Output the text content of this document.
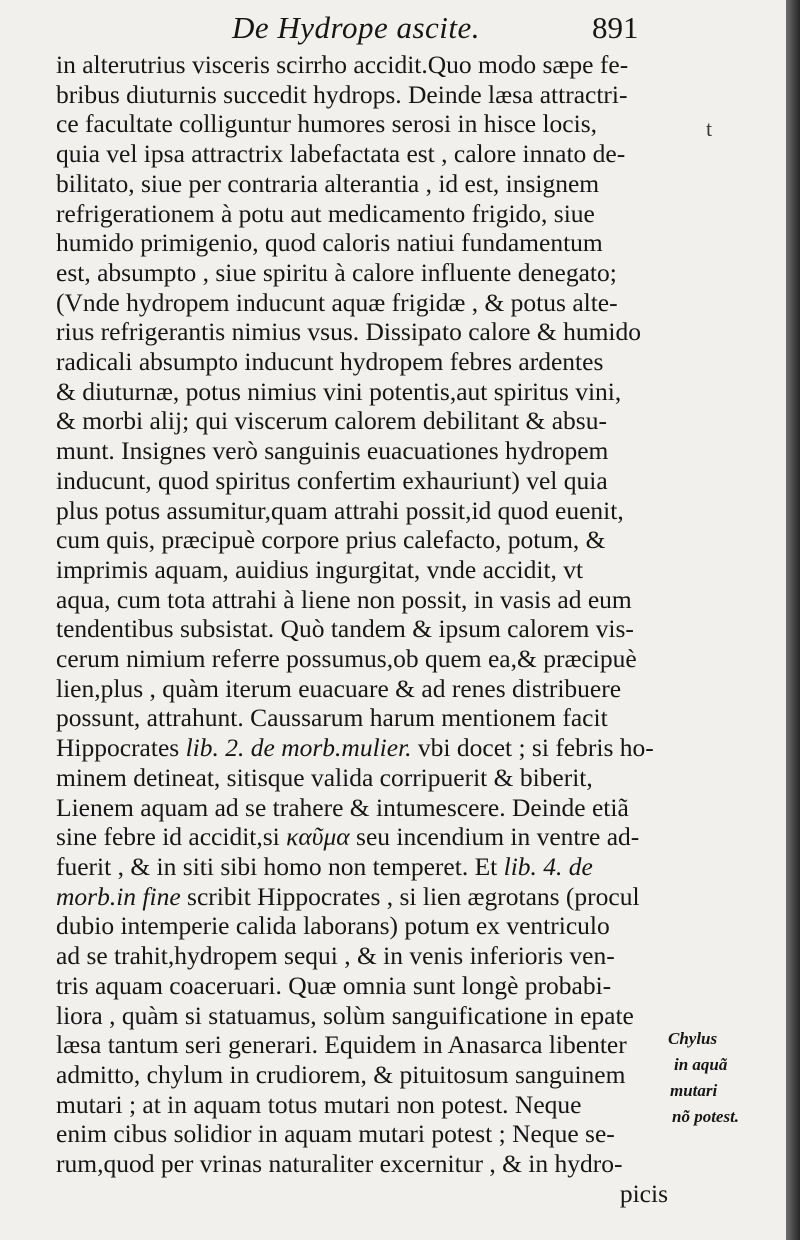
De Hydrope ascite.	891
in alterutrius visceris scirrho accidit.Quo modo sæpe fe-
bribus diuturnis succedit hydrops. Deinde læsa attractri-
ce facultate colliguntur humores serosi in hisce locis,
quia vel ipsa attractrix labefactata est , calore innato de-
bilitato, siue per contraria alterantia , id est, insignem
refrigerationem à potu aut medicamento frigido, siue
humido primigenio, quod caloris natiui fundamentum
est, absumpto , siue spiritu à calore influente denegato;
(Vnde hydropem inducunt aquæ frigidæ , & potus alte-
rius refrigerantis nimius vsus. Dissipato calore & humido
radicali absumpto inducunt hydropem febres ardentes
& diuturnæ, potus nimius vini potentis,aut spiritus vini,
& morbi alij; qui viscerum calorem debilitant & absu-
munt. Insignes verò sanguinis euacuationes hydropem
inducunt, quod spiritus confertim exhauriunt) vel quia
plus potus assumitur,quam attrahi possit,id quod euenit,
cum quis, præcipuè corpore prius calefacto, potum, &
imprimis aquam, auidius ingurgitat, vnde accidit, vt
aqua, cum tota attrahi à liene non possit, in vasis ad eum
tendentibus subsistat. Quò tandem & ipsum calorem vis-
cerum nimium referre possumus,ob quem ea,& præcipuè
lien,plus , quàm iterum euacuare & ad renes distribuere
possunt, attrahunt. Caussarum harum mentionem facit
Hippocrates lib. 2. de morb.mulier. vbi docet ; si febris ho-
minem detineat, sitisque valida corripuerit & biberit,
Lienem aquam ad se trahere & intumescere. Deinde etiã
sine febre id accidit,si καῦμα seu incendium in ventre ad-
fuerit , & in siti sibi homo non temperet. Et lib. 4. de
morb.in fine scribit Hippocrates , si lien ægrotans (procul
dubio intemperie calida laborans) potum ex ventriculo
ad se trahit,hydropem sequi , & in venis inferioris ven-
tris aquam coaceruari. Quæ omnia sunt longè probabi-
liora , quàm si statuamus, solùm sanguificatione in epate
læsa tantum seri generari. Equidem in Anasarca libenter
admitto, chylum in crudiorem, & pituitosum sanguinem
mutari ; at in aquam totus mutari non potest. Neque
enim cibus solidior in aquam mutari potest ; Neque se-
rum,quod per vrinas naturaliter excernitur , & in hydro-
picis
Chylus
in aquã
mutari
nõ potest.
t
